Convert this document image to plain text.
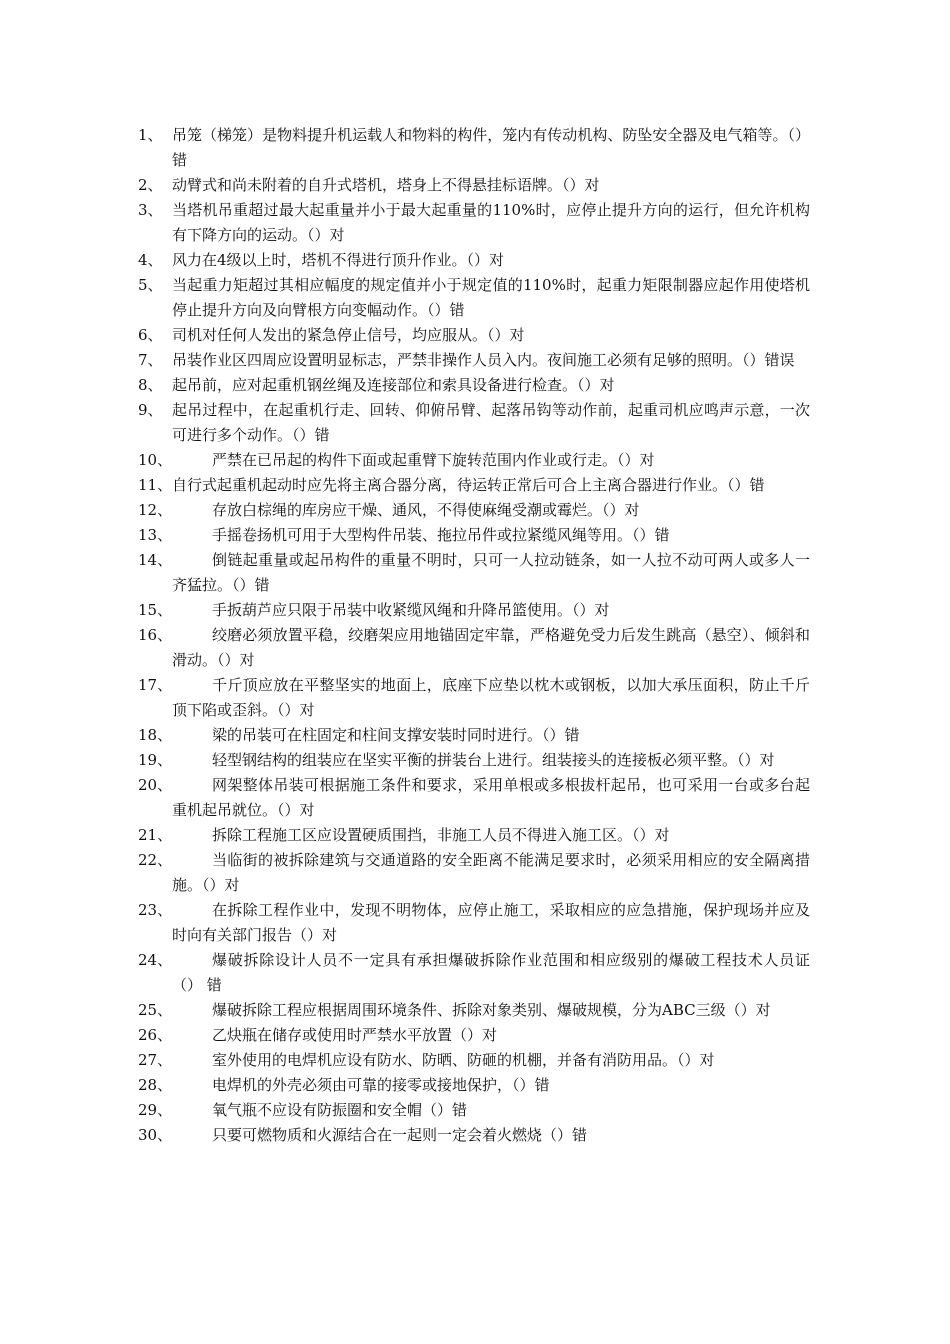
1、 吊笼（梯笼）是物料提升机运载人和物料的构件，笼内有传动机构、防坠安全器及电气箱等。（）错
2、 动臂式和尚未附着的自升式塔机，塔身上不得悬挂标语牌。（）对
3、 当塔机吊重超过最大起重量并小于最大起重量的110%时，应停止提升方向的运行，但允许机构有下降方向的运动。（）对
4、 风力在4级以上时，塔机不得进行顶升作业。（）对
5、 当起重力矩超过其相应幅度的规定值并小于规定值的110%时，起重力矩限制器应起作用使塔机停止提升方向及向臂根方向变幅动作。（）错
6、 司机对任何人发出的紧急停止信号，均应服从。（）对
7、 吊装作业区四周应设置明显标志，严禁非操作人员入内。夜间施工必须有足够的照明。（）错误
8、 起吊前，应对起重机钢丝绳及连接部位和索具设备进行检查。（）对
9、 起吊过程中，在起重机行走、回转、仰俯吊臂、起落吊钩等动作前，起重司机应鸣声示意，一次可进行多个动作。（）错
10、	严禁在已吊起的构件下面或起重臂下旋转范围内作业或行走。（）对
11、 自行式起重机起动时应先将主离合器分离，待运转正常后可合上主离合器进行作业。（）错
12、	存放白棕绳的库房应干燥、通风，不得使麻绳受潮或霉烂。（）对
13、	手摇卷扬机可用于大型构件吊装、拖拉吊件或拉紧缆风绳等用。（）错
14、	倒链起重量或起吊构件的重量不明时，只可一人拉动链条，如一人拉不动可两人或多人一齐猛拉。（）错
15、	手扳葫芦应只限于吊装中收紧缆风绳和升降吊篮使用。（）对
16、	绞磨必须放置平稳，绞磨架应用地锚固定牢靠，严格避免受力后发生跳高（悬空）、倾斜和滑动。（）对
17、	千斤顶应放在平整坚实的地面上，底座下应垫以枕木或钢板，以加大承压面积，防止千斤顶下陷或歪斜。（）对
18、	梁的吊装可在柱固定和柱间支撑安装时同时进行。（）错
19、	轻型钢结构的组装应在坚实平衡的拼装台上进行。组装接头的连接板必须平整。（）对
20、	网架整体吊装可根据施工条件和要求，采用单根或多根拔杆起吊，也可采用一台或多台起重机起吊就位。（）对
21、	拆除工程施工区应设置硬质围挡，非施工人员不得进入施工区。（）对
22、	当临街的被拆除建筑与交通道路的安全距离不能满足要求时，必须采用相应的安全隔离措施。（）对
23、	在拆除工程作业中，发现不明物体，应停止施工，采取相应的应急措施，保护现场并应及时向有关部门报告（）对
24、	爆破拆除设计人员不一定具有承担爆破拆除作业范围和相应级别的爆破工程技术人员证（） 错
25、	爆破拆除工程应根据周围环境条件、拆除对象类别、爆破规模，分为ABC三级（）对
26、	乙炔瓶在储存或使用时严禁水平放置（）对
27、	室外使用的电焊机应设有防水、防晒、防砸的机棚，并备有消防用品。（）对
28、	电焊机的外壳必须由可靠的接零或接地保护，（）错
29、	氧气瓶不应设有防振圈和安全帽（）错
30、	只要可燃物质和火源结合在一起则一定会着火燃烧（）错
